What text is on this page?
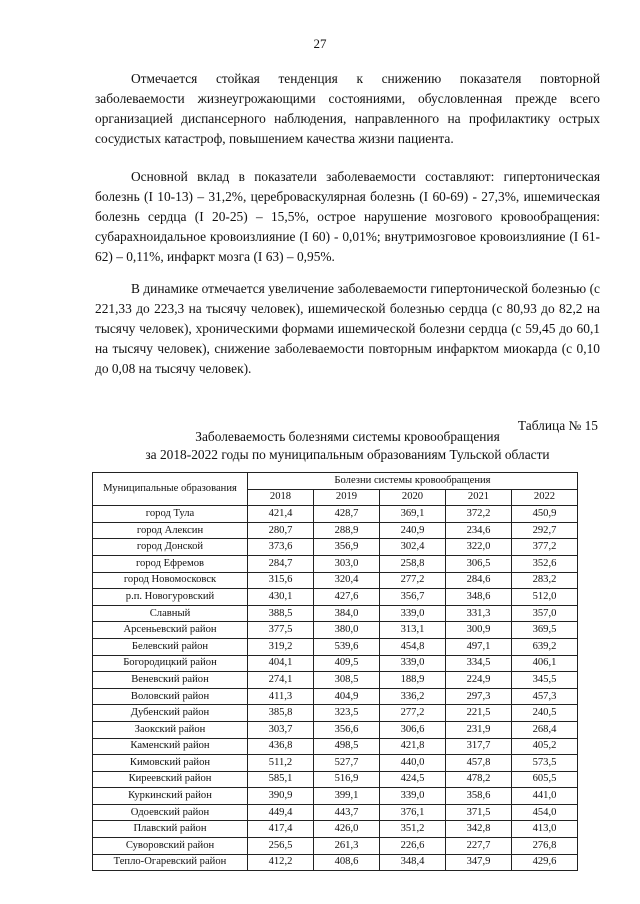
27

Отмечается стойкая тенденция к снижению показателя повторной заболеваемости жизнеугрожающими состояниями, обусловленная прежде всего организацией диспансерного наблюдения, направленного на профилактику острых сосудистых катастроф, повышением качества жизни пациента.

Основной вклад в показатели заболеваемости составляют: гипертоническая болезнь (I 10-13) – 31,2%, цереброваскулярная болезнь (I 60-69) - 27,3%, ишемическая болезнь сердца (I 20-25) – 15,5%, острое нарушение мозгового кровообращения: субарахноидальное кровоизлияние (I 60) - 0,01%; внутримозговое кровоизлияние (I 61-62) – 0,11%, инфаркт мозга (I 63) – 0,95%.

В динамике отмечается увеличение заболеваемости гипертонической болезнью (с 221,33 до 223,3 на тысячу человек), ишемической болезнью сердца (с 80,93 до 82,2 на тысячу человек), хроническими формами ишемической болезни сердца (с 59,45 до 60,1 на тысячу человек), снижение заболеваемости повторным инфарктом миокарда (с 0,10 до 0,08 на тысячу человек).

Таблица № 15
Заболеваемость болезнями системы кровообращения
за 2018-2022 годы по муниципальным образованиям Тульской области
Муниципальные образования	Болезни системы кровообращения				
	2018	2019	2020	2021	2022
город Тула	421,4	428,7	369,1	372,2	450,9
город Алексин	280,7	288,9	240,9	234,6	292,7
город Донской	373,6	356,9	302,4	322,0	377,2
город Ефремов	284,7	303,0	258,8	306,5	352,6
город Новомосковск	315,6	320,4	277,2	284,6	283,2
р.п. Новогуровский	430,1	427,6	356,7	348,6	512,0
Славный	388,5	384,0	339,0	331,3	357,0
Арсеньевский район	377,5	380,0	313,1	300,9	369,5
Белевский район	319,2	539,6	454,8	497,1	639,2
Богородицкий район	404,1	409,5	339,0	334,5	406,1
Веневский район	274,1	308,5	188,9	224,9	345,5
Воловский район	411,3	404,9	336,2	297,3	457,3
Дубенский район	385,8	323,5	277,2	221,5	240,5
Заокский район	303,7	356,6	306,6	231,9	268,4
Каменский район	436,8	498,5	421,8	317,7	405,2
Кимовский район	511,2	527,7	440,0	457,8	573,5
Киреевский район	585,1	516,9	424,5	478,2	605,5
Куркинский район	390,9	399,1	339,0	358,6	441,0
Одоевский район	449,4	443,7	376,1	371,5	454,0
Плавский район	417,4	426,0	351,2	342,8	413,0
Суворовский район	256,5	261,3	226,6	227,7	276,8
Тепло-Огаревский район	412,2	408,6	348,4	347,9	429,6
